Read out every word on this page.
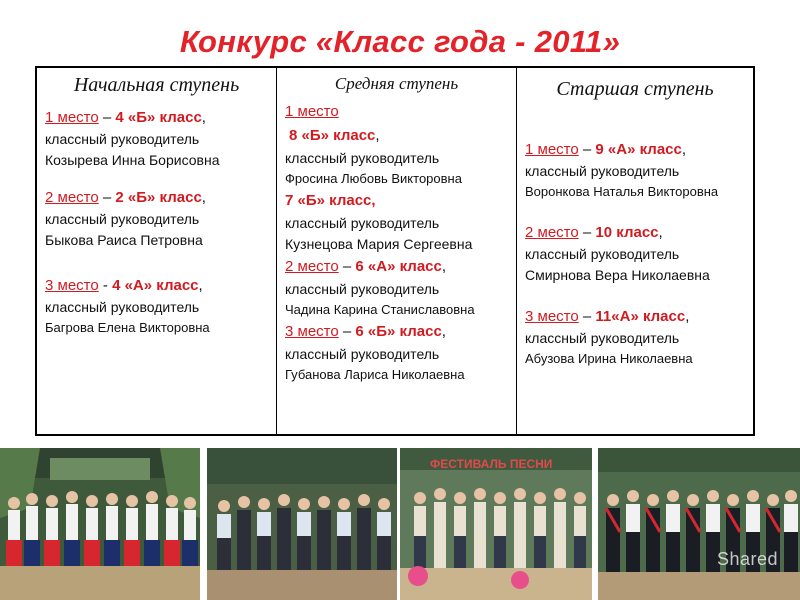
Конкурс «Класс года - 2011»
Начальная ступень
1 место – 4 «Б» класс,
классный руководитель
Козырева Инна Борисовна
2 место – 2 «Б» класс,
классный руководитель
Быкова Раиса Петровна
3 место - 4 «А» класс,
классный руководитель
Багрова Елена Викторовна
Средняя ступень
1 место
8 «Б» класс,
классный руководитель
Фросина Любовь Викторовна
7 «Б» класс,
классный руководитель
Кузнецова Мария Сергеевна
2 место – 6 «А» класс,
классный руководитель
Чадина Карина Станиславовна
3 место – 6 «Б» класс,
классный руководитель
Губанова Лариса Николаевна
Старшая ступень
1 место – 9 «А» класс,
классный руководитель
Воронкова Наталья Викторовна
2 место – 10 класс,
классный руководитель
Смирнова Вера Николаевна
3 место – 11«А» класс,
классный руководитель
Абузова Ирина Николаевна
ФЕСТИВАЛЬ ПЕСНИ
Shared
